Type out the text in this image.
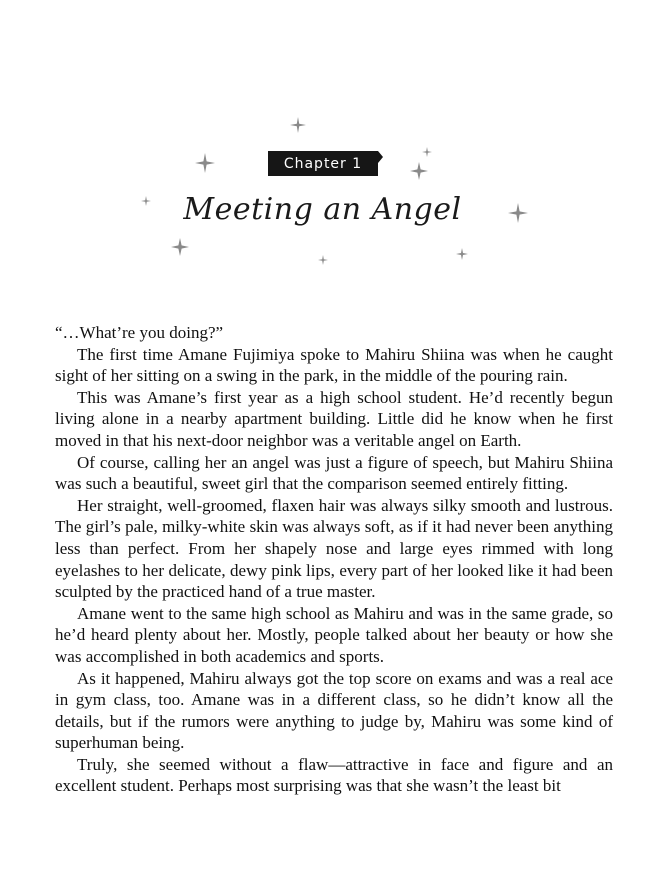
Chapter 1
Meeting an Angel

“…What’re you doing?”

The first time Amane Fujimiya spoke to Mahiru Shiina was when he caught sight of her sitting on a swing in the park, in the middle of the pouring rain.

This was Amane’s first year as a high school student. He’d recently begun living alone in a nearby apartment building. Little did he know when he first moved in that his next-door neighbor was a veritable angel on Earth.

Of course, calling her an angel was just a figure of speech, but Mahiru Shiina was such a beautiful, sweet girl that the comparison seemed entirely fitting.

Her straight, well-groomed, flaxen hair was always silky smooth and lustrous. The girl’s pale, milky-white skin was always soft, as if it had never been anything less than perfect. From her shapely nose and large eyes rimmed with long eyelashes to her delicate, dewy pink lips, every part of her looked like it had been sculpted by the practiced hand of a true master.

Amane went to the same high school as Mahiru and was in the same grade, so he’d heard plenty about her. Mostly, people talked about her beauty or how she was accomplished in both academics and sports.

As it happened, Mahiru always got the top score on exams and was a real ace in gym class, too. Amane was in a different class, so he didn’t know all the details, but if the rumors were anything to judge by, Mahiru was some kind of superhuman being.

Truly, she seemed without a flaw—attractive in face and figure and an excellent student. Perhaps most surprising was that she wasn’t the least bit
